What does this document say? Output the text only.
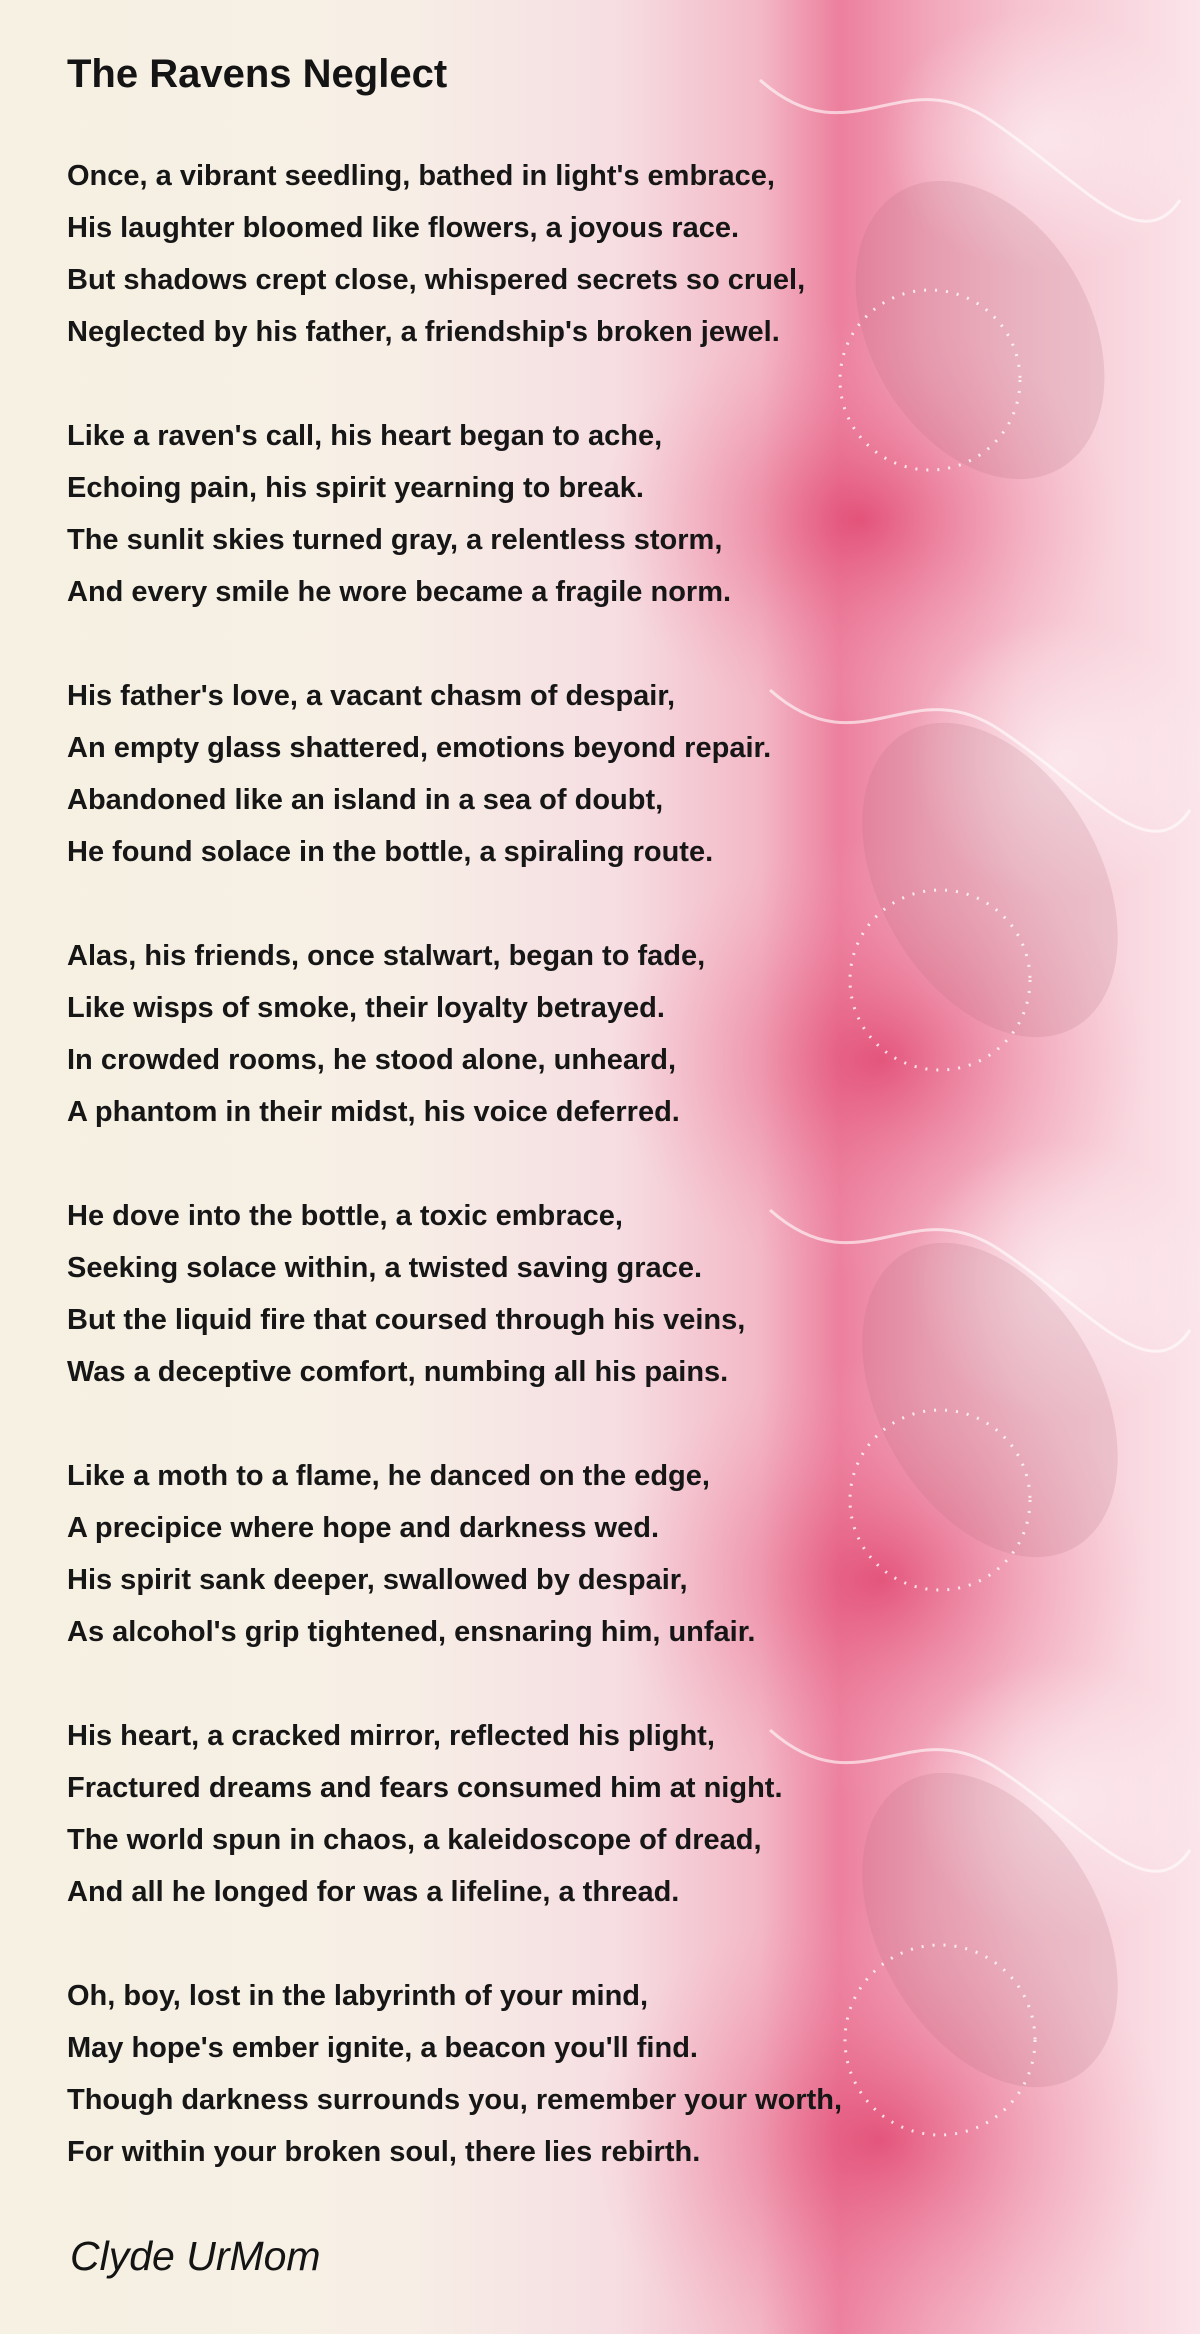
The Ravens Neglect
Once, a vibrant seedling, bathed in light's embrace,
His laughter bloomed like flowers, a joyous race.
But shadows crept close, whispered secrets so cruel,
Neglected by his father, a friendship's broken jewel.
Like a raven's call, his heart began to ache,
Echoing pain, his spirit yearning to break.
The sunlit skies turned gray, a relentless storm,
And every smile he wore became a fragile norm.
His father's love, a vacant chasm of despair,
An empty glass shattered, emotions beyond repair.
Abandoned like an island in a sea of doubt,
He found solace in the bottle, a spiraling route.
Alas, his friends, once stalwart, began to fade,
Like wisps of smoke, their loyalty betrayed.
In crowded rooms, he stood alone, unheard,
A phantom in their midst, his voice deferred.
He dove into the bottle, a toxic embrace,
Seeking solace within, a twisted saving grace.
But the liquid fire that coursed through his veins,
Was a deceptive comfort, numbing all his pains.
Like a moth to a flame, he danced on the edge,
A precipice where hope and darkness wed.
His spirit sank deeper, swallowed by despair,
As alcohol's grip tightened, ensnaring him, unfair.
His heart, a cracked mirror, reflected his plight,
Fractured dreams and fears consumed him at night.
The world spun in chaos, a kaleidoscope of dread,
And all he longed for was a lifeline, a thread.
Oh, boy, lost in the labyrinth of your mind,
May hope's ember ignite, a beacon you'll find.
Though darkness surrounds you, remember your worth,
For within your broken soul, there lies rebirth.

Clyde UrMom
